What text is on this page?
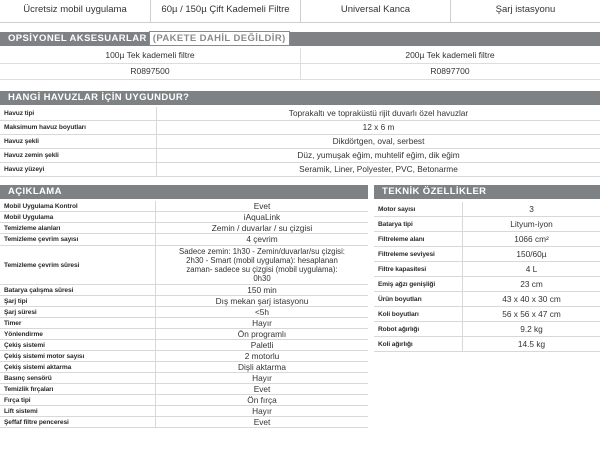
Ücretsiz mobil uygulama	60µ / 150µ Çift Kademeli Filtre	Universal Kanca	Şarj istasyonu
OPSİYONEL AKSESUARLAR (PAKETE DAHİL DEĞİLDİR)
100µ Tek kademeli filtre	200µ Tek kademeli filtre
R0897500	R0897700
HANGİ HAVUZLAR İÇİN UYGUNDUR?
Havuz tipi	Toprakaltı ve topraküstü rijit duvarlı özel havuzlar
Maksimum havuz boyutları	12 x 6 m
Havuz şekli	Dikdörtgen, oval, serbest
Havuz zemin şekli	Düz, yumuşak eğim, muhtelif eğim, dik eğim
Havuz yüzeyi	Seramik, Liner, Polyester, PVC, Betonarme
AÇIKLAMA
Mobil Uygulama Kontrol	Evet
Mobil Uygulama	iAquaLink
Temizleme alanları	Zemin / duvarlar / su çizgisi
Temizleme çevrim sayısı	4 çevrim
Temizleme çevrim süresi
Sadece zemin: 1h30 - Zemin/duvarlar/su çizgisi:
2h30 - Smart (mobil uygulama): hesaplanan
zaman- sadece su çizgisi (mobil uygulama):
0h30
Batarya çalışma süresi	150 min
Şarj tipi	Dış mekan şarj istasyonu
Şarj süresi	<5h
Timer	Hayır
Yönlendirme	Ön programlı
Çekiş sistemi	Paletli
Çekiş sistemi motor sayısı	2 motorlu
Çekiş sistemi aktarma	Dişli aktarma
Basınç sensörü	Hayır
Temizlik fırçaları	Evet
Fırça tipi	Ön fırça
Lift sistemi	Hayır
Şeffaf filtre penceresi	Evet
TEKNİK ÖZELLİKLER
Motor sayısı	3
Batarya tipi	Lityum-iyon
Filtreleme alanı	1066 cm²
Filtreleme seviyesi	150/60µ
Filtre kapasitesi	4 L
Emiş ağzı genişliği	23 cm
Ürün boyutları	43 x 40 x 30 cm
Koli boyutları	56 x 56 x 47 cm
Robot ağırlığı	9.2 kg
Koli ağırlığı	14.5 kg
